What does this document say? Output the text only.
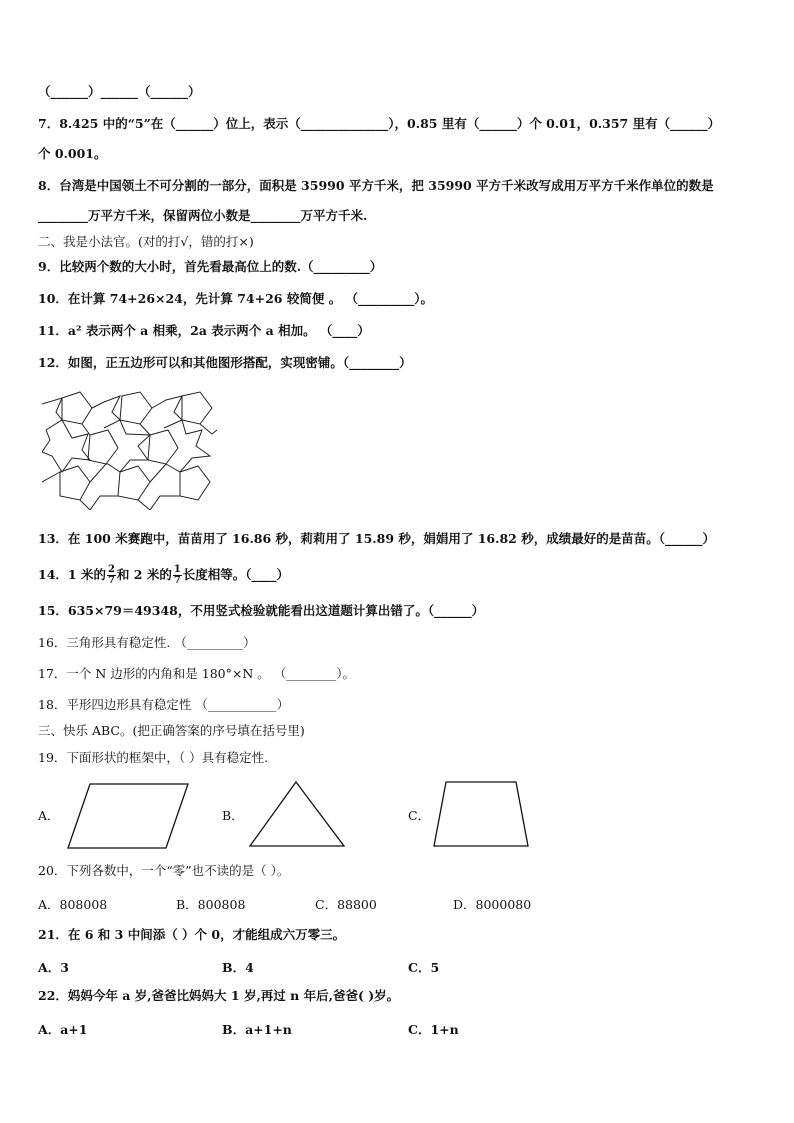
（______）______（______）
7．8.425 中的“5”在（______）位上，表示（______________），0.85 里有（______）个 0.01，0.357 里有（______）
个 0.001。
8．台湾是中国领土不可分割的一部分，面积是 35990 平方千米，把 35990 平方千米改写成用万平方千米作单位的数是
________万平方千米，保留两位小数是________万平方千米.
二、我是小法官。(对的打√，错的打×)
9．比较两个数的大小时，首先看最高位上的数.（_________）
10．在计算 74+26×24，先计算 74+26 较简便 。 （_________）。
11．a² 表示两个 a 相乘，2a 表示两个 a 相加。 （____）
12．如图，正五边形可以和其他图形搭配，实现密铺。（________）
13．在 100 米赛跑中，苗苗用了 16.86 秒，莉莉用了 15.89 秒，娟娟用了 16.82 秒，成绩最好的是苗苗。（______）
14．1 米的 $\frac{2}{7}$ 和 2 米的 $\frac{1}{7}$ 长度相等。（____）
15．635×79＝49348，不用竖式检验就能看出这道题计算出错了。（______）
16．三角形具有稳定性. （_________）
17．一个 N 边形的内角和是 180°×N 。 （________）。
18．平形四边形具有稳定性 （___________）
三、快乐 ABC。(把正确答案的序号填在括号里)
19．下面形状的框架中，（ ）具有稳定性.
A．	B．	C．
20．下列各数中，一个“零”也不读的是（ ）。
A．808008	B．800808	C．88800	D．8000080
21．在 6 和 3 中间添（ ）个 0，才能组成六万零三。
A．3	B．4	C．5
22．妈妈今年 a 岁,爸爸比妈妈大 1 岁,再过 n 年后,爸爸( )岁。
A．a+1	B．a+1+n	C．1+n
